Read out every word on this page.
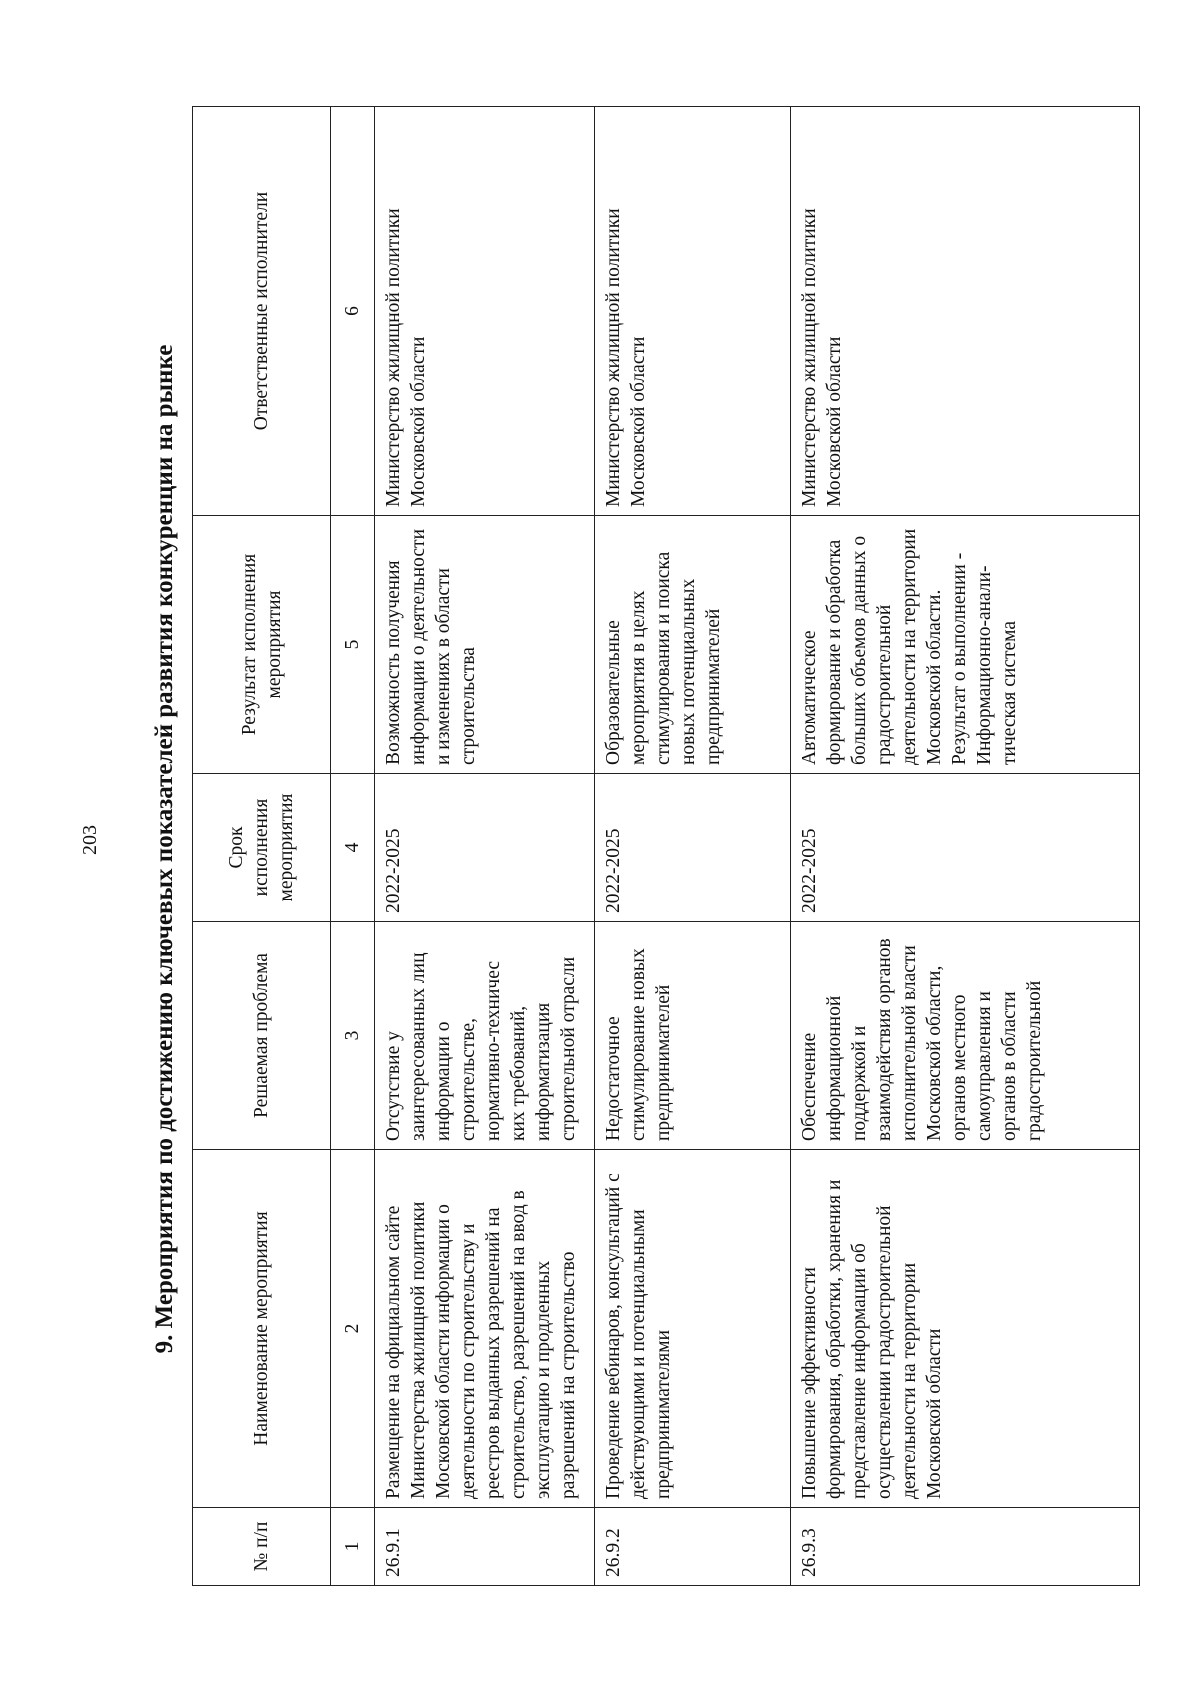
203	9. Мероприятия по достижению ключевых показателей развития конкуренции на рынке
№ п/п	Наименование мероприятия	Решаемая проблема	Срок исполнения мероприятия	Результат исполнения мероприятия	Ответственные исполнители
1	2	3	4	5	6
26.9.1	Размещение на официальном сайте Министерства жилищной политики Московской области информации о деятельности по строительству и реестров выданных разрешений на строительство, разрешений на ввод в эксплуатацию и продленных разрешений на строительство	Отсутствие у заинтересованных лиц информации о строительстве, нормативно-техничес ких требований, информатизация строительной отрасли	2022-2025	Возможность получения информации о деятельности и изменениях в области строительства	Министерство жилищной политики Московской области
26.9.2	Проведение вебинаров, консультаций с действующими и потенциальными предпринимателями	Недостаточное стимулирование новых предпринимателей	2022-2025	Образовательные мероприятия в целях стимулирования и поиска новых потенциальных предпринимателей	Министерство жилищной политики Московской области
26.9.3	Повышение эффективности формирования, обработки, хранения и представление информации об осуществлении градостроительной деятельности на территории Московской области	Обеспечение информационной поддержкой и взаимодействия органов исполнительной власти Московской области, органов местного самоуправления и органов в области градостроительной	2022-2025	Автоматическое формирование и обработка больших объемов данных о градостроительной деятельности на территории Московской области. Результат о выполнении - Информационно-анали-тическая система	Министерство жилищной политики Московской области
